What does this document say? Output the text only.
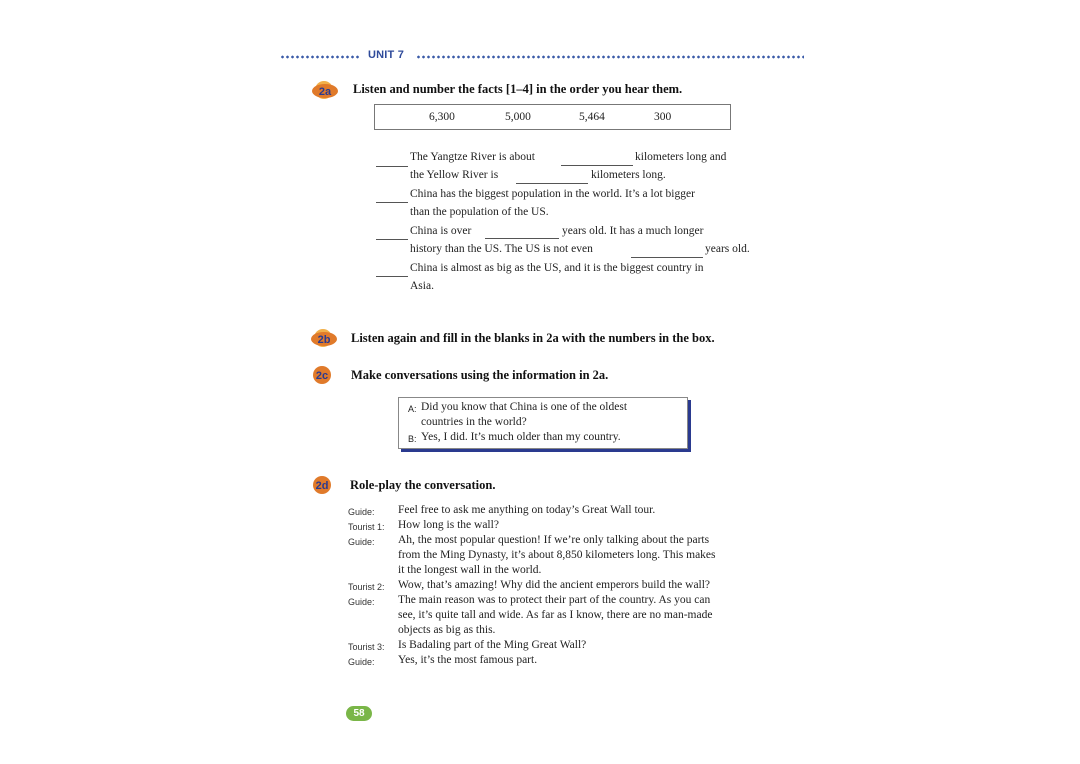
UNIT 7
2a Listen and number the facts [1–4] in the order you hear them.
6,300	5,000	5,464	300
The Yangtze River is about	kilometers long and
the Yellow River is	kilometers long.
China has the biggest population in the world. It’s a lot bigger
than the population of the US.
China is over	years old. It has a much longer
history than the US. The US is not even	years old.
China is almost as big as the US, and it is the biggest country in
Asia.
2b Listen again and fill in the blanks in 2a with the numbers in the box.
2c Make conversations using the information in 2a.
A: Did you know that China is one of the oldest
countries in the world?
B: Yes, I did. It’s much older than my country.
2d Role-play the conversation.
Guide: Feel free to ask me anything on today’s Great Wall tour.
Tourist 1: How long is the wall?
Guide: Ah, the most popular question! If we’re only talking about the parts
from the Ming Dynasty, it’s about 8,850 kilometers long. This makes
it the longest wall in the world.
Tourist 2: Wow, that’s amazing! Why did the ancient emperors build the wall?
Guide: The main reason was to protect their part of the country. As you can
see, it’s quite tall and wide. As far as I know, there are no man-made
objects as big as this.
Tourist 3: Is Badaling part of the Ming Great Wall?
Guide: Yes, it’s the most famous part.
58
